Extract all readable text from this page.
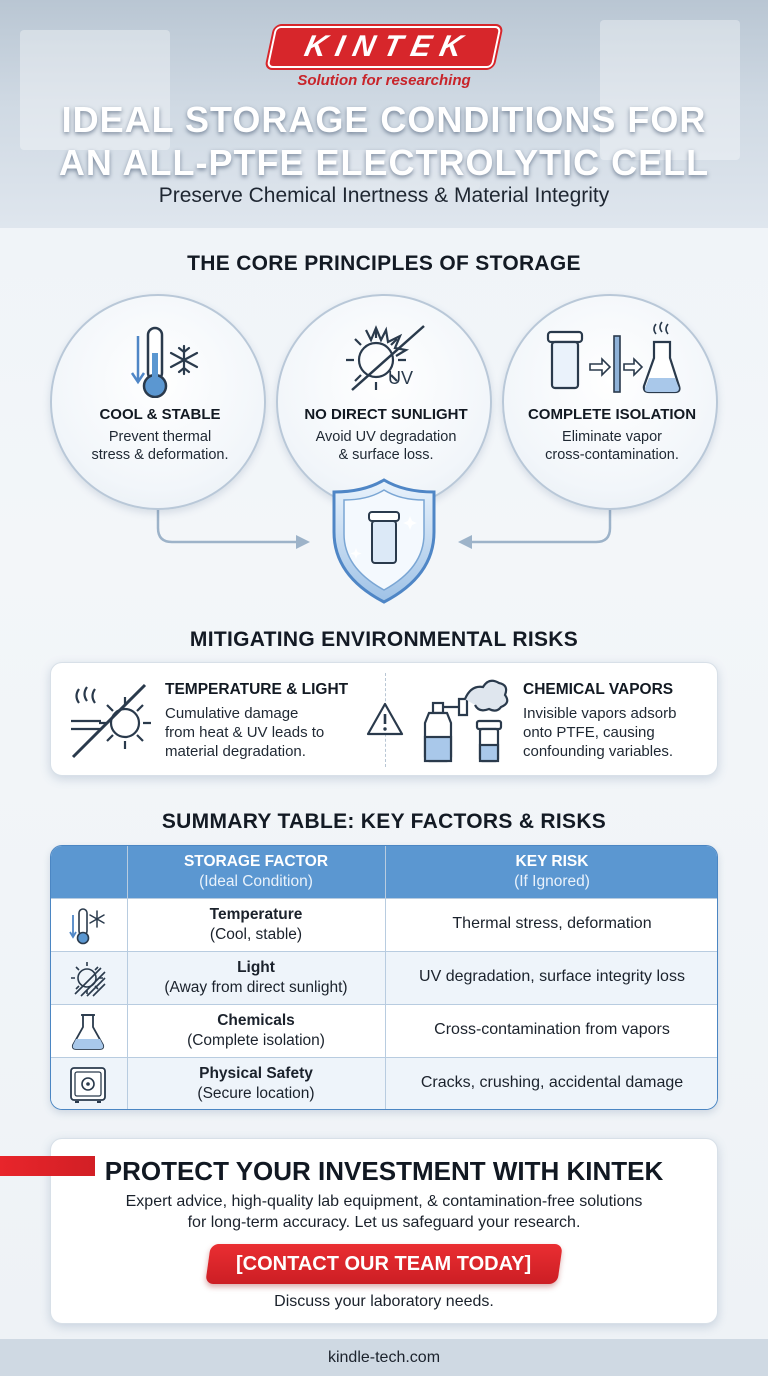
KINTEK
Solution for researching
IDEAL STORAGE CONDITIONS FOR
AN ALL-PTFE ELECTROLYTIC CELL
Preserve Chemical Inertness & Material Integrity
THE CORE PRINCIPLES OF STORAGE
COOL & STABLE
Prevent thermal
stress & deformation.
UV
NO DIRECT SUNLIGHT
Avoid UV degradation
& surface loss.
COMPLETE ISOLATION
Eliminate vapor
cross-contamination.
MITIGATING ENVIRONMENTAL RISKS
TEMPERATURE & LIGHT
Cumulative damage
from heat & UV leads to
material degradation.
CHEMICAL VAPORS
Invisible vapors adsorb
onto PTFE, causing
confounding variables.
SUMMARY TABLE: KEY FACTORS & RISKS
STORAGE FACTOR
(Ideal Condition)
KEY RISK
(If Ignored)
Temperature
(Cool, stable)
Thermal stress, deformation
Light
(Away from direct sunlight)
UV degradation, surface integrity loss
Chemicals
(Complete isolation)
Cross-contamination from vapors
Physical Safety
(Secure location)
Cracks, crushing, accidental damage
PROTECT YOUR INVESTMENT WITH KINTEK
Expert advice, high-quality lab equipment, & contamination-free solutions
for long-term accuracy. Let us safeguard your research.
[CONTACT OUR TEAM TODAY]
Discuss your laboratory needs.
kindle-tech.com
